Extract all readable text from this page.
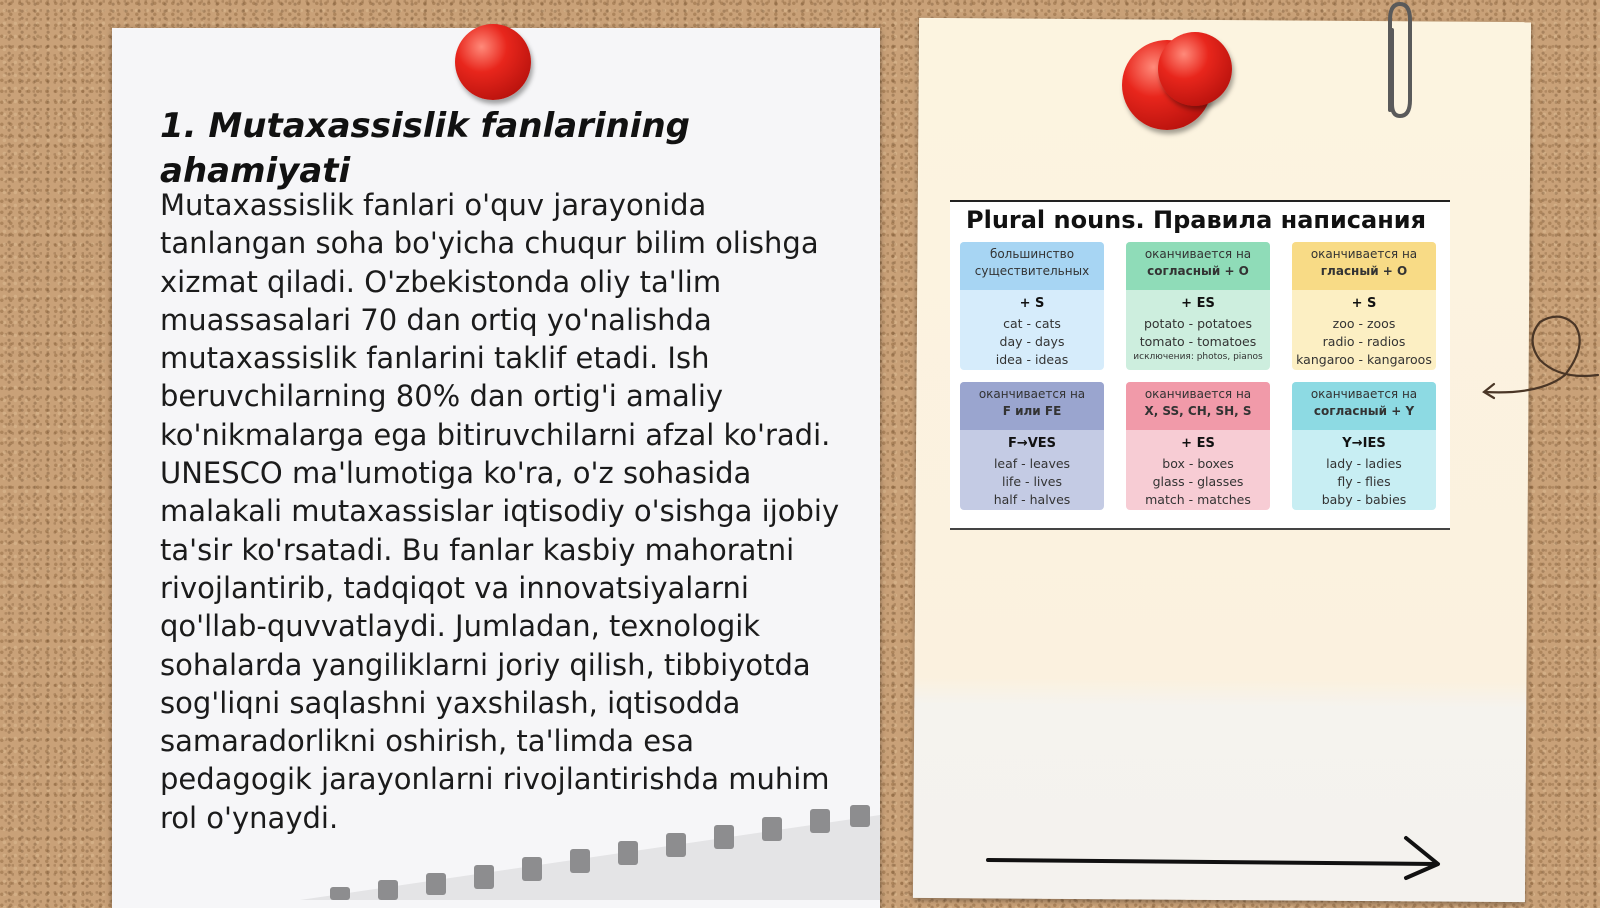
1. Mutaxassislik fanlarining ahamiyati

Mutaxassislik fanlari o'quv jarayonida tanlangan soha bo'yicha chuqur bilim olishga xizmat qiladi. O'zbekistonda oliy ta'lim muassasalari 70 dan ortiq yo'nalishda mutaxassislik fanlarini taklif etadi. Ish beruvchilarning 80% dan ortig'i amaliy ko'nikmalarga ega bitiruvchilarni afzal ko'radi. UNESCO ma'lumotiga ko'ra, o'z sohasida malakali mutaxassislar iqtisodiy o'sishga ijobiy ta'sir ko'rsatadi. Bu fanlar kasbiy mahoratni rivojlantirib, tadqiqot va innovatsiyalarni qo'llab-quvvatlaydi. Jumladan, texnologik sohalarda yangiliklarni joriy qilish, tibbiyotda sog'liqni saqlashni yaxshilash, iqtisodda samaradorlikni oshirish, ta'limda esa pedagogik jarayonlarni rivojlantirishda muhim rol o'ynaydi.

Plural nouns. Правила написания
большинство
существительных
+ S
cat - cats
day - days
idea - ideas
оканчивается на
согласный + O
+ ES
potato - potatoes
tomato - tomatoes
исключения: photos, pianos
оканчивается на
гласный + O
+ S
zoo - zoos
radio - radios
kangaroo - kangaroos
оканчивается на
F или FE
F→VES
leaf - leaves
life - lives
half - halves
оканчивается на
X, SS, CH, SH, S
+ ES
box - boxes
glass - glasses
match - matches
оканчивается на
согласный + Y
Y→IES
lady - ladies
fly - flies
baby - babies
